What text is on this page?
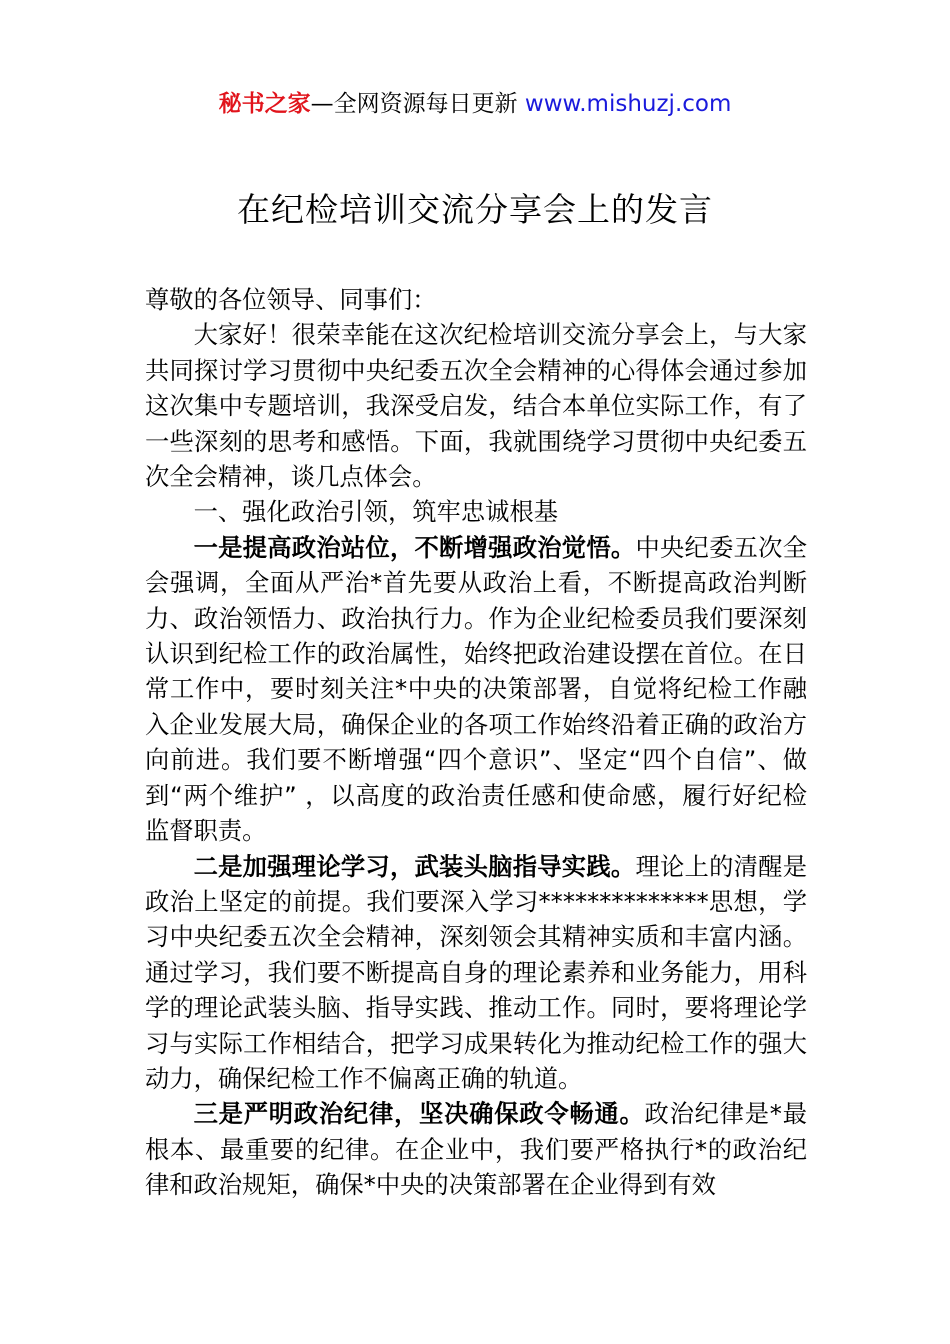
秘书之家—全网资源每日更新 www.mishuzj.com
在纪检培训交流分享会上的发言

尊敬的各位领导、同事们：

大家好！很荣幸能在这次纪检培训交流分享会上，与大家共同探讨学习贯彻中央纪委五次全会精神的心得体会通过参加这次集中专题培训，我深受启发，结合本单位实际工作，有了一些深刻的思考和感悟。下面，我就围绕学习贯彻中央纪委五次全会精神，谈几点体会。

一、强化政治引领，筑牢忠诚根基

一是提高政治站位，不断增强政治觉悟。中央纪委五次全会强调，全面从严治*首先要从政治上看，不断提高政治判断力、政治领悟力、政治执行力。作为企业纪检委员我们要深刻认识到纪检工作的政治属性，始终把政治建设摆在首位。在日常工作中，要时刻关注*中央的决策部署，自觉将纪检工作融入企业发展大局，确保企业的各项工作始终沿着正确的政治方向前进。我们要不断增强“四个意识”、坚定“四个自信”、做到“两个维护” ，以高度的政治责任感和使命感，履行好纪检监督职责。

二是加强理论学习，武装头脑指导实践。理论上的清醒是政治上坚定的前提。我们要深入学习**************思想，学习中央纪委五次全会精神，深刻领会其精神实质和丰富内涵。通过学习，我们要不断提高自身的理论素养和业务能力，用科学的理论武装头脑、指导实践、推动工作。同时，要将理论学习与实际工作相结合，把学习成果转化为推动纪检工作的强大动力，确保纪检工作不偏离正确的轨道。

三是严明政治纪律，坚决确保政令畅通。政治纪律是*最根本、最重要的纪律。在企业中，我们要严格执行*的政治纪律和政治规矩，确保*中央的决策部署在企业得到有效
